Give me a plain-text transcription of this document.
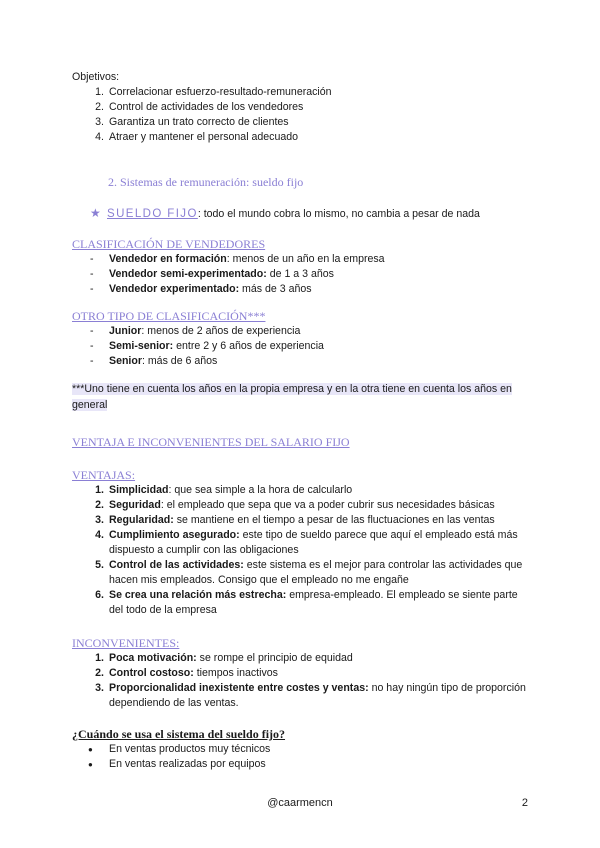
Objetivos:

1. Correlacionar esfuerzo-resultado-remuneración
2. Control de actividades de los vendedores
3. Garantiza un trato correcto de clientes
4. Atraer y mantener el personal adecuado

2. Sistemas de remuneración: sueldo fijo

★ SUELDO FIJO: todo el mundo cobra lo mismo, no cambia a pesar de nada

CLASIFICACIÓN DE VENDEDORES

- Vendedor en formación: menos de un año en la empresa
- Vendedor semi-experimentado: de 1 a 3 años
- Vendedor experimentado: más de 3 años

OTRO TIPO DE CLASIFICACIÓN***

- Junior: menos de 2 años de experiencia
- Semi-senior: entre 2 y 6 años de experiencia
- Senior: más de 6 años
***Uno tiene en cuenta los años en la propia empresa y en la otra tiene en cuenta los años en general

VENTAJA E INCONVENIENTES DEL SALARIO FIJO

VENTAJAS:

1. Simplicidad: que sea simple a la hora de calcularlo
2. Seguridad: el empleado que sepa que va a poder cubrir sus necesidades básicas
3. Regularidad: se mantiene en el tiempo a pesar de las fluctuaciones en las ventas
4. Cumplimiento asegurado: este tipo de sueldo parece que aquí el empleado está más dispuesto a cumplir con las obligaciones
5. Control de las actividades: este sistema es el mejor para controlar las actividades que hacen mis empleados. Consigo que el empleado no me engañe
6. Se crea una relación más estrecha: empresa-empleado. El empleado se siente parte del todo de la empresa

INCONVENIENTES:

1. Poca motivación: se rompe el principio de equidad
2. Control costoso: tiempos inactivos
3. Proporcionalidad inexistente entre costes y ventas: no hay ningún tipo de proporción dependiendo de las ventas.

¿Cuándo se usa el sistema del sueldo fijo?

● En ventas productos muy técnicos
● En ventas realizadas por equipos
@caarmencn	2
